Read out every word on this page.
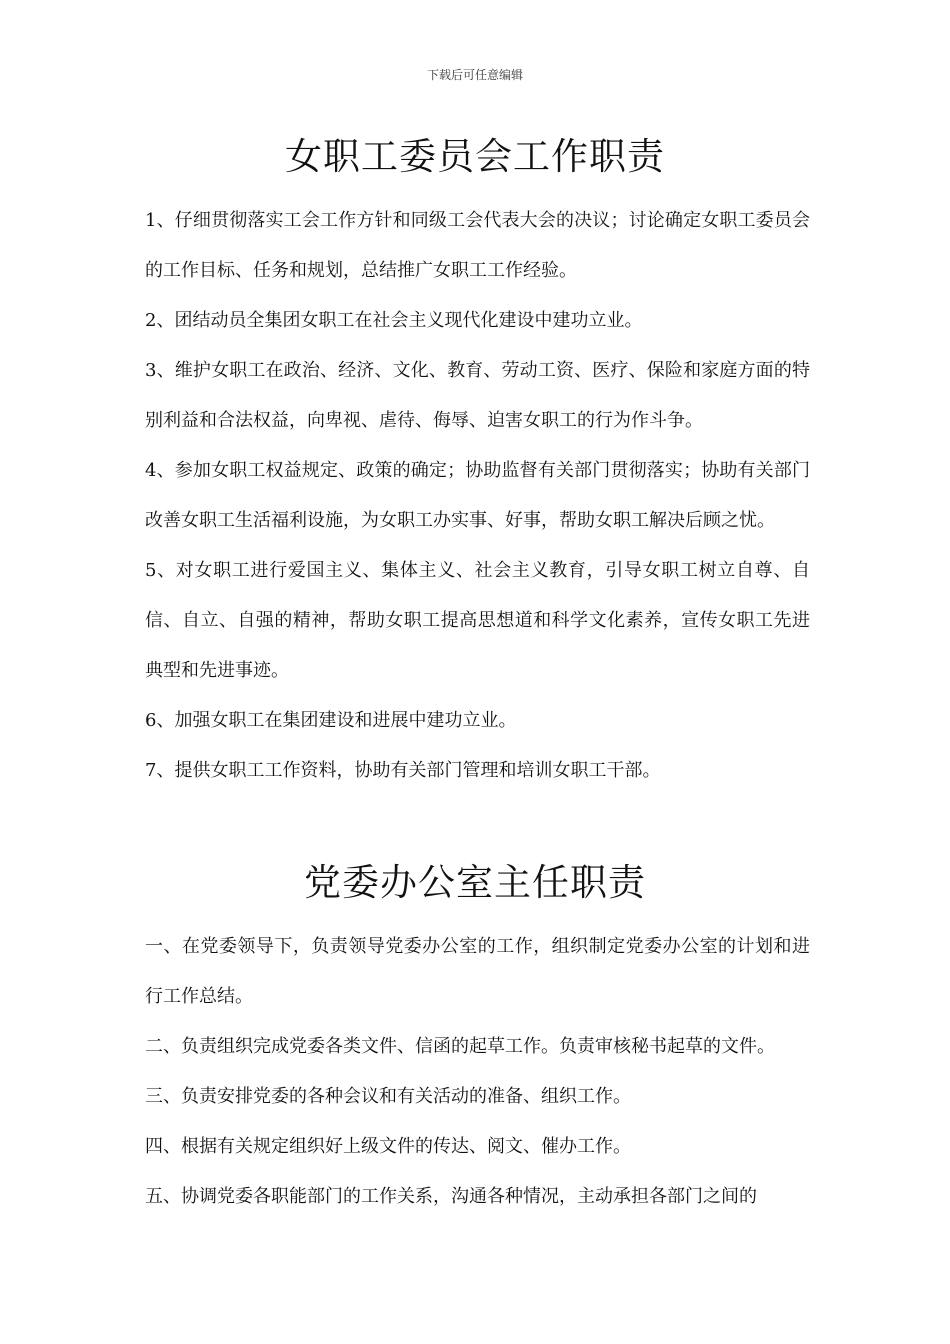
下载后可任意编辑
女职工委员会工作职责

1、仔细贯彻落实工会工作方针和同级工会代表大会的决议；讨论确定女职工委员会的工作目标、任务和规划，总结推广女职工工作经验。

2、团结动员全集团女职工在社会主义现代化建设中建功立业。

3、维护女职工在政治、经济、文化、教育、劳动工资、医疗、保险和家庭方面的特别利益和合法权益，向卑视、虐待、侮辱、迫害女职工的行为作斗争。

4、参加女职工权益规定、政策的确定；协助监督有关部门贯彻落实；协助有关部门改善女职工生活福利设施，为女职工办实事、好事，帮助女职工解决后顾之忧。

5、对女职工进行爱国主义、集体主义、社会主义教育，引导女职工树立自尊、自信、自立、自强的精神，帮助女职工提高思想道和科学文化素养，宣传女职工先进典型和先进事迹。

6、加强女职工在集团建设和进展中建功立业。

7、提供女职工工作资料，协助有关部门管理和培训女职工干部。

党委办公室主任职责

一、在党委领导下，负责领导党委办公室的工作，组织制定党委办公室的计划和进行工作总结。

二、负责组织完成党委各类文件、信函的起草工作。负责审核秘书起草的文件。

三、负责安排党委的各种会议和有关活动的准备、组织工作。

四、根据有关规定组织好上级文件的传达、阅文、催办工作。

五、协调党委各职能部门的工作关系，沟通各种情况，主动承担各部门之间的
